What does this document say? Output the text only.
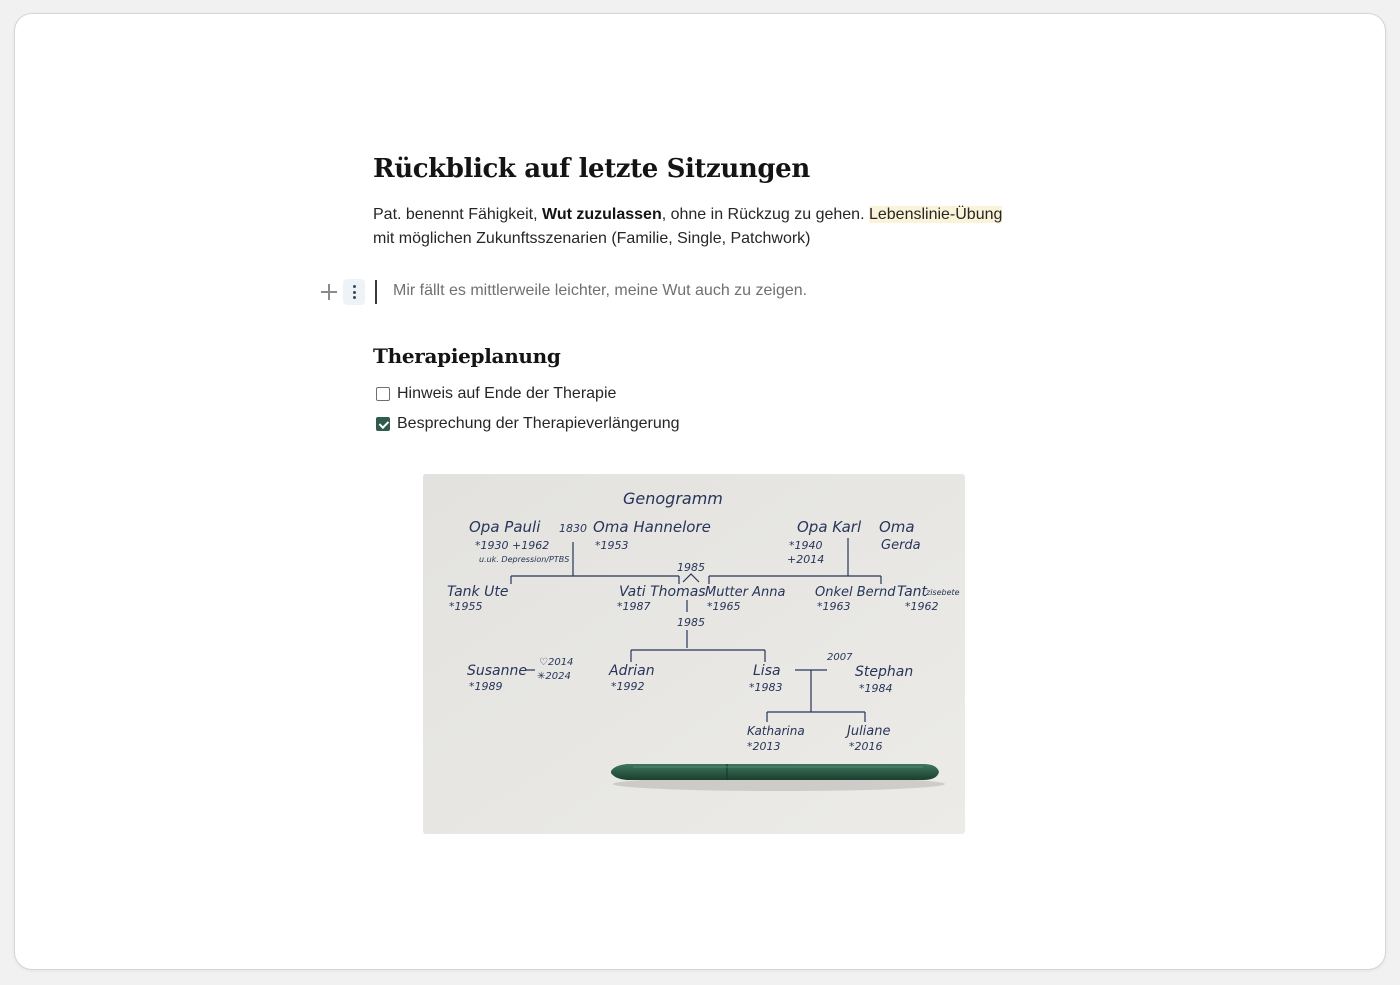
Rückblick auf letzte Sitzungen

Pat. benennt Fähigkeit, Wut zuzulassen, ohne in Rückzug zu gehen. Lebenslinie-Übung mit möglichen Zukunftsszenarien (Familie, Single, Patchwork)

Mir fällt es mittlerweile leichter, meine Wut auch zu zeigen.
Therapieplanung
Hinweis auf Ende der Therapie
Besprechung der Therapieverlängerung
Genogramm
Opa Pauli 1830
*1930 +1962
u.uk. Depression/PTBS
Oma Hannelore
*1953
Opa Karl
*1940
+2014
Oma
Gerda
1985
Tank Ute
*1955
Vati Thomas
*1987
Mutter Anna
*1965
Onkel Bernd
*1963
Tant
zisebete
*1962
1985
Susanne
*1989
♡2014
✳2024	Adrian
*1992
Lisa
*1983
2007
Stephan
*1984
Katharina
*2013
Juliane
*2016
